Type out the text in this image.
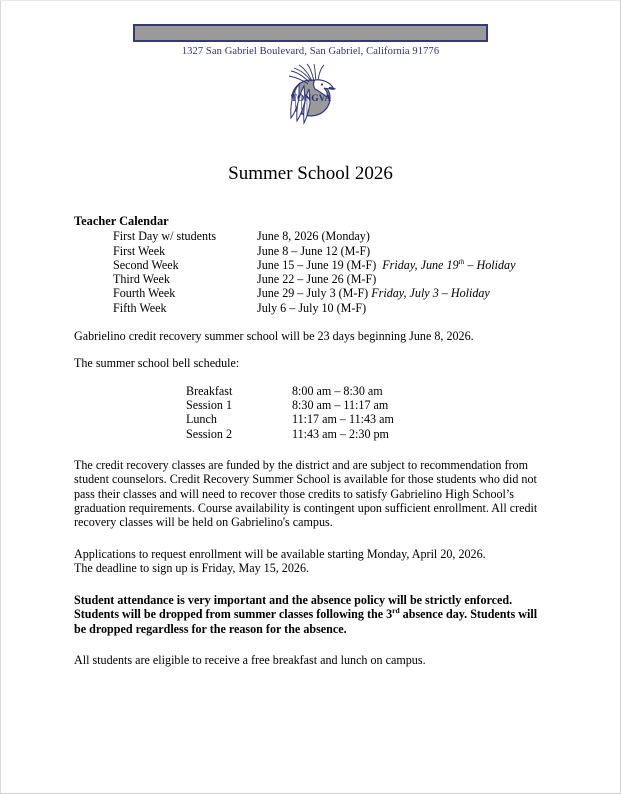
1327 San Gabriel Boulevard, San Gabriel, California 91776
TONGVA
Summer School 2026
Teacher Calendar
First Day w/ students	June 8, 2026 (Monday)
First Week	June 8 – June 12 (M-F)
Second Week	June 15 – June 19 (M-F) Friday, June 19th – Holiday
Third Week	June 22 – June 26 (M-F)
Fourth Week	June 29 – July 3 (M-F) Friday, July 3 – Holiday
Fifth Week	July 6 – July 10 (M-F)
Gabrielino credit recovery summer school will be 23 days beginning June 8, 2026.
The summer school bell schedule:
Breakfast	8:00 am – 8:30 am
Session 1	8:30 am – 11:17 am
Lunch	11:17 am – 11:43 am
Session 2	11:43 am – 2:30 pm
The credit recovery classes are funded by the district and are subject to recommendation from student counselors. Credit Recovery Summer School is available for those students who did not pass their classes and will need to recover those credits to satisfy Gabrielino High School’s graduation requirements. Course availability is contingent upon sufficient enrollment. All credit recovery classes will be held on Gabrielino's campus.
Applications to request enrollment will be available starting Monday, April 20, 2026.
The deadline to sign up is Friday, May 15, 2026.
Student attendance is very important and the absence policy will be strictly enforced. Students will be dropped from summer classes following the 3rd absence day. Students will be dropped regardless for the reason for the absence.
All students are eligible to receive a free breakfast and lunch on campus.
